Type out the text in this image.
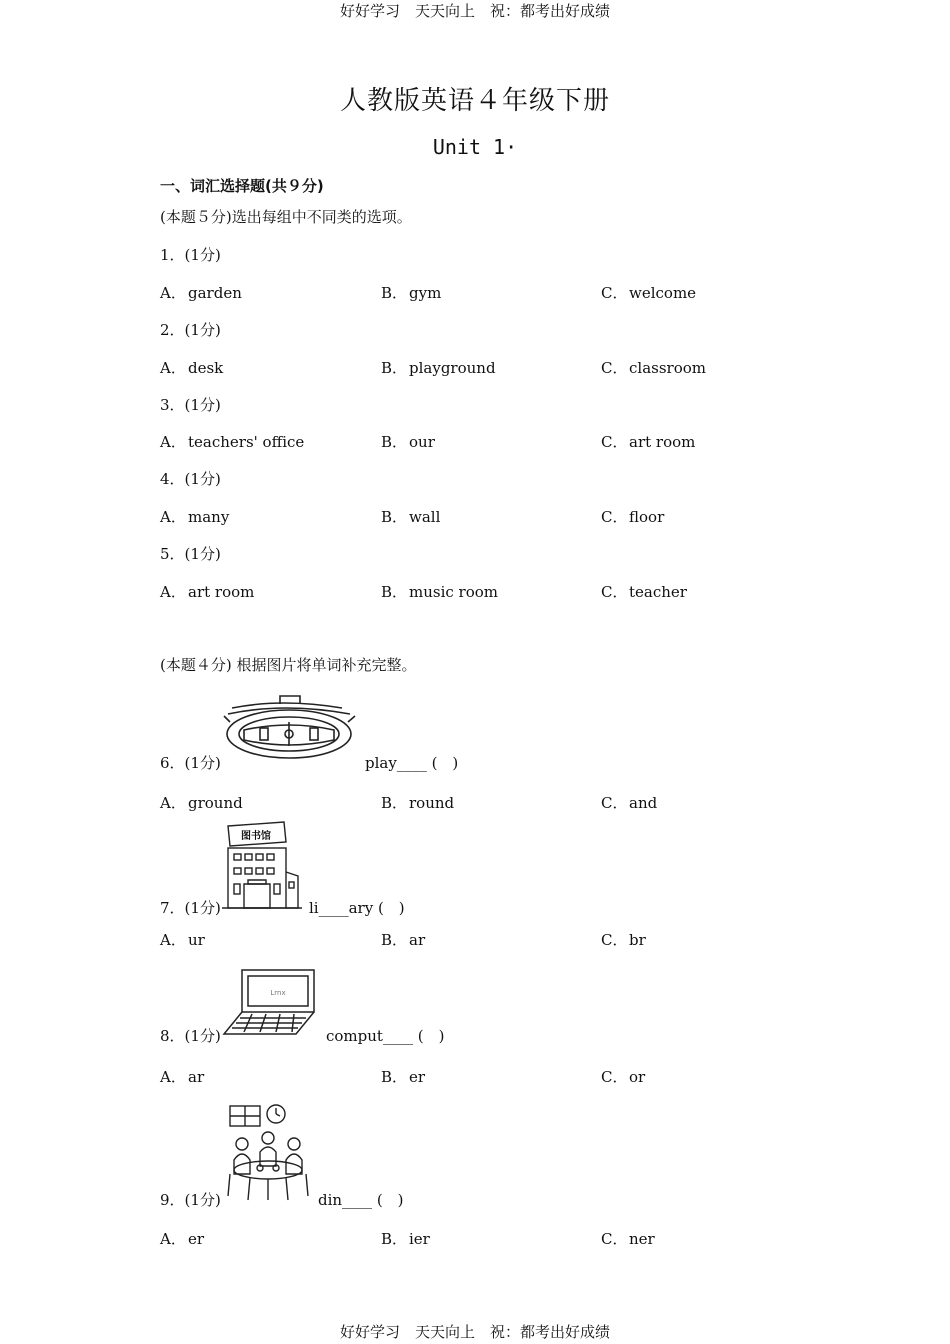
好好学习　天天向上　祝：都考出好成绩
好好学习　天天向上　祝：都考出好成绩
人教版英语４年级下册
Unit 1·
一、词汇选择题(共９分)
(本题５分)选出每组中不同类的选项。
1．(1分)
A． garden	B． gym	C． welcome
2．(1分)
A． desk	B． playground	C． classroom
3．(1分)
A． teachers' office	B． our	C． art room
4．(1分)
A． many	B． wall	C． floor
5．(1分)
A． art room	B． music room	C． teacher
(本题４分) 根据图片将单词补充完整。
6．(1分)	play____ (　)
A． ground	B． round	C． and
图书馆
7．(1分)	li____ary (　)
A． ur	B． ar	C． br
Lrnx
8．(1分)	comput____ (　)
A． ar	B． er	C． or
9．(1分)	din____ (　)
A． er	B． ier	C． ner
